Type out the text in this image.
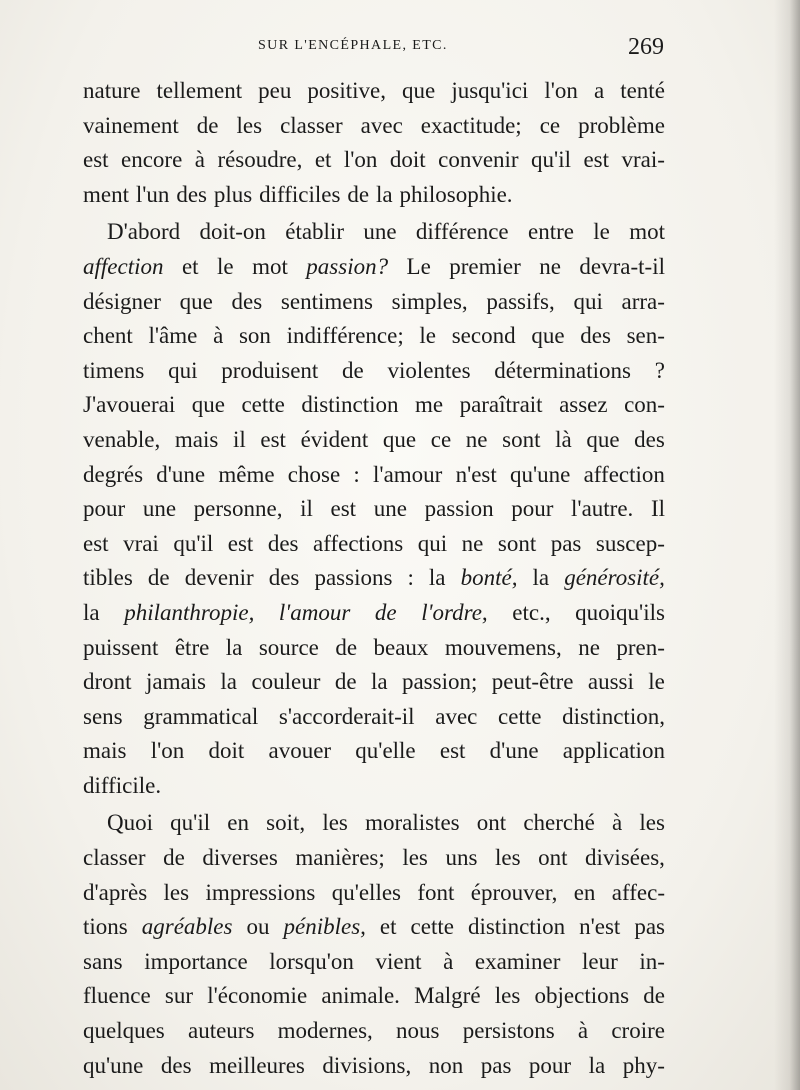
SUR L'ENCÉPHALE, ETC.	269
nature tellement peu positive, que jusqu'ici l'on a tenté
vainement de les classer avec exactitude; ce problème
est encore à résoudre, et l'on doit convenir qu'il est vrai-
ment l'un des plus difficiles de la philosophie.
D'abord doit-on établir une différence entre le mot
affection et le mot passion? Le premier ne devra-t-il
désigner que des sentimens simples, passifs, qui arra-
chent l'âme à son indifférence; le second que des sen-
timens qui produisent de violentes déterminations ?
J'avouerai que cette distinction me paraîtrait assez con-
venable, mais il est évident que ce ne sont là que des
degrés d'une même chose : l'amour n'est qu'une affection
pour une personne, il est une passion pour l'autre. Il
est vrai qu'il est des affections qui ne sont pas suscep-
tibles de devenir des passions : la bonté, la générosité,
la philanthropie, l'amour de l'ordre, etc., quoiqu'ils
puissent être la source de beaux mouvemens, ne pren-
dront jamais la couleur de la passion; peut-être aussi le
sens grammatical s'accorderait-il avec cette distinction,
mais l'on doit avouer qu'elle est d'une application
difficile.
Quoi qu'il en soit, les moralistes ont cherché à les
classer de diverses manières; les uns les ont divisées,
d'après les impressions qu'elles font éprouver, en affec-
tions agréables ou pénibles, et cette distinction n'est pas
sans importance lorsqu'on vient à examiner leur in-
fluence sur l'économie animale. Malgré les objections de
quelques auteurs modernes, nous persistons à croire
qu'une des meilleures divisions, non pas pour la phy-
